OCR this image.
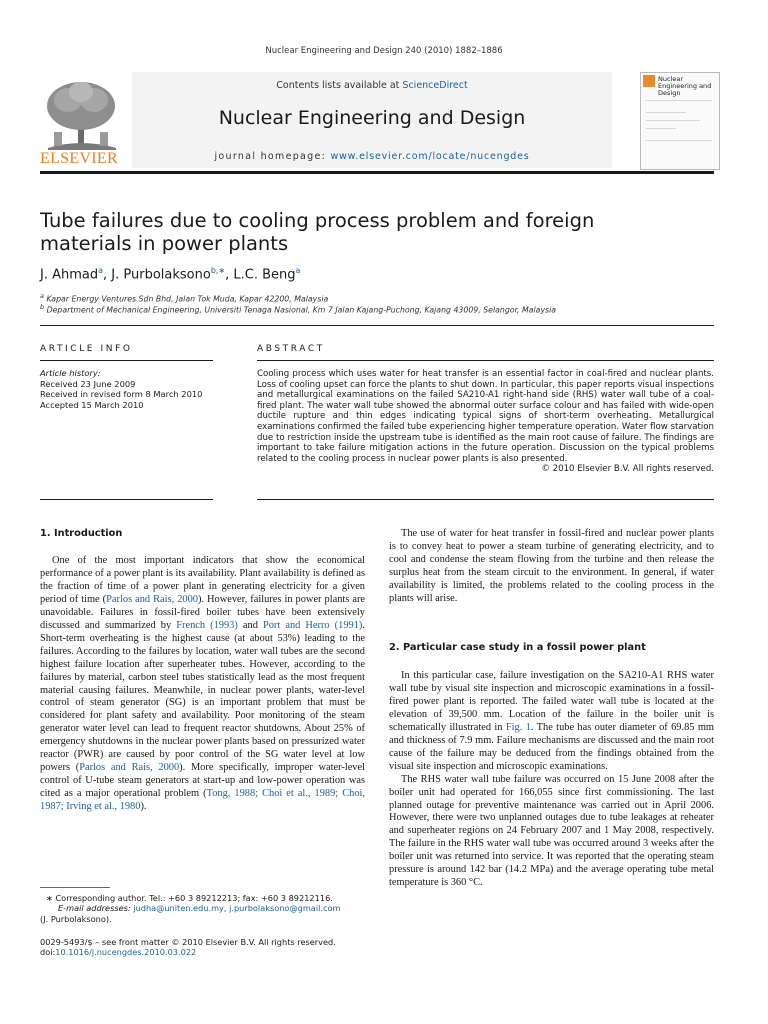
Nuclear Engineering and Design 240 (2010) 1882–1886
ELSEVIER
Contents lists available at ScienceDirect
Nuclear Engineering and Design
journal homepage: www.elsevier.com/locate/nucengdes
Nuclear Engineering and Design
Tube failures due to cooling process problem and foreign materials in power plants
J. Ahmad$^a$, J. Purbolaksono$^{b,∗}$, L.C. Beng$^a$
$^a$ Kapar Energy Ventures Sdn Bhd, Jalan Tok Muda, Kapar 42200, Malaysia
$^b$ Department of Mechanical Engineering, Universiti Tenaga Nasional, Km 7 Jalan Kajang-Puchong, Kajang 43009, Selangor, Malaysia
ARTICLE INFO
Article history:
Received 23 June 2009
Received in revised form 8 March 2010
Accepted 15 March 2010
ABSTRACT
Cooling process which uses water for heat transfer is an essential factor in coal-fired and nuclear plants. Loss of cooling upset can force the plants to shut down. In particular, this paper reports visual inspections and metallurgical examinations on the failed SA210-A1 right-hand side (RHS) water wall tube of a coal-fired plant. The water wall tube showed the abnormal outer surface colour and has failed with wide-open ductile rupture and thin edges indicating typical signs of short-term overheating. Metallurgical examinations confirmed the failed tube experiencing higher temperature operation. Water flow starvation due to restriction inside the upstream tube is identified as the main root cause of failure. The findings are important to take failure mitigation actions in the future operation. Discussion on the typical problems related to the cooling process in nuclear power plants is also presented.
© 2010 Elsevier B.V. All rights reserved.
1. Introduction

One of the most important indicators that show the economical performance of a power plant is its availability. Plant availability is defined as the fraction of time of a power plant in generating electricity for a given period of time (Parlos and Rais, 2000). However, failures in power plants are unavoidable. Failures in fossil-fired boiler tubes have been extensively discussed and summarized by French (1993) and Port and Herro (1991). Short-term overheating is the highest cause (at about 53%) leading to the failures. According to the failures by location, water wall tubes are the second highest failure location after superheater tubes. However, according to the failures by material, carbon steel tubes statistically lead as the most frequent material causing failures. Meanwhile, in nuclear power plants, water-level control of steam generator (SG) is an important problem that must be considered for plant safety and availability. Poor monitoring of the steam generator water level can lead to frequent reactor shutdowns. About 25% of emergency shutdowns in the nuclear power plants based on pressurized water reactor (PWR) are caused by poor control of the SG water level at low powers (Parlos and Rais, 2000). More specifically, improper water-level control of U-tube steam generators at start-up and low-power operation was cited as a major operational problem (Tong, 1988; Choi et al., 1989; Choi, 1987; Irving et al., 1980).

∗ Corresponding author. Tel.: +60 3 89212213; fax: +60 3 89212116.
E-mail addresses: judha@uniten.edu.my, j.purbolaksono@gmail.com
(J. Purbolaksono).
0029-5493/$ – see front matter © 2010 Elsevier B.V. All rights reserved.
doi:10.1016/j.nucengdes.2010.03.022

The use of water for heat transfer in fossil-fired and nuclear power plants is to convey heat to power a steam turbine of generating electricity, and to cool and condense the steam flowing from the turbine and then release the surplus heat from the steam circuit to the environment. In general, if water availability is limited, the problems related to the cooling process in the plants will arise.

2. Particular case study in a fossil power plant

In this particular case, failure investigation on the SA210-A1 RHS water wall tube by visual site inspection and microscopic examinations in a fossil-fired power plant is reported. The failed water wall tube is located at the elevation of 39,500 mm. Location of the failure in the boiler unit is schematically illustrated in Fig. 1. The tube has outer diameter of 69.85 mm and thickness of 7.9 mm. Failure mechanisms are discussed and the main root cause of the failure may be deduced from the findings obtained from the visual site inspection and microscopic examinations.

The RHS water wall tube failure was occurred on 15 June 2008 after the boiler unit had operated for 166,055 since first commissioning. The last planned outage for preventive maintenance was carried out in April 2006. However, there were two unplanned outages due to tube leakages at reheater and superheater regions on 24 February 2007 and 1 May 2008, respectively. The failure in the RHS water wall tube was occurred around 3 weeks after the boiler unit was returned into service. It was reported that the operating steam pressure is around 142 bar (14.2 MPa) and the average operating tube metal temperature is 360 °C.
